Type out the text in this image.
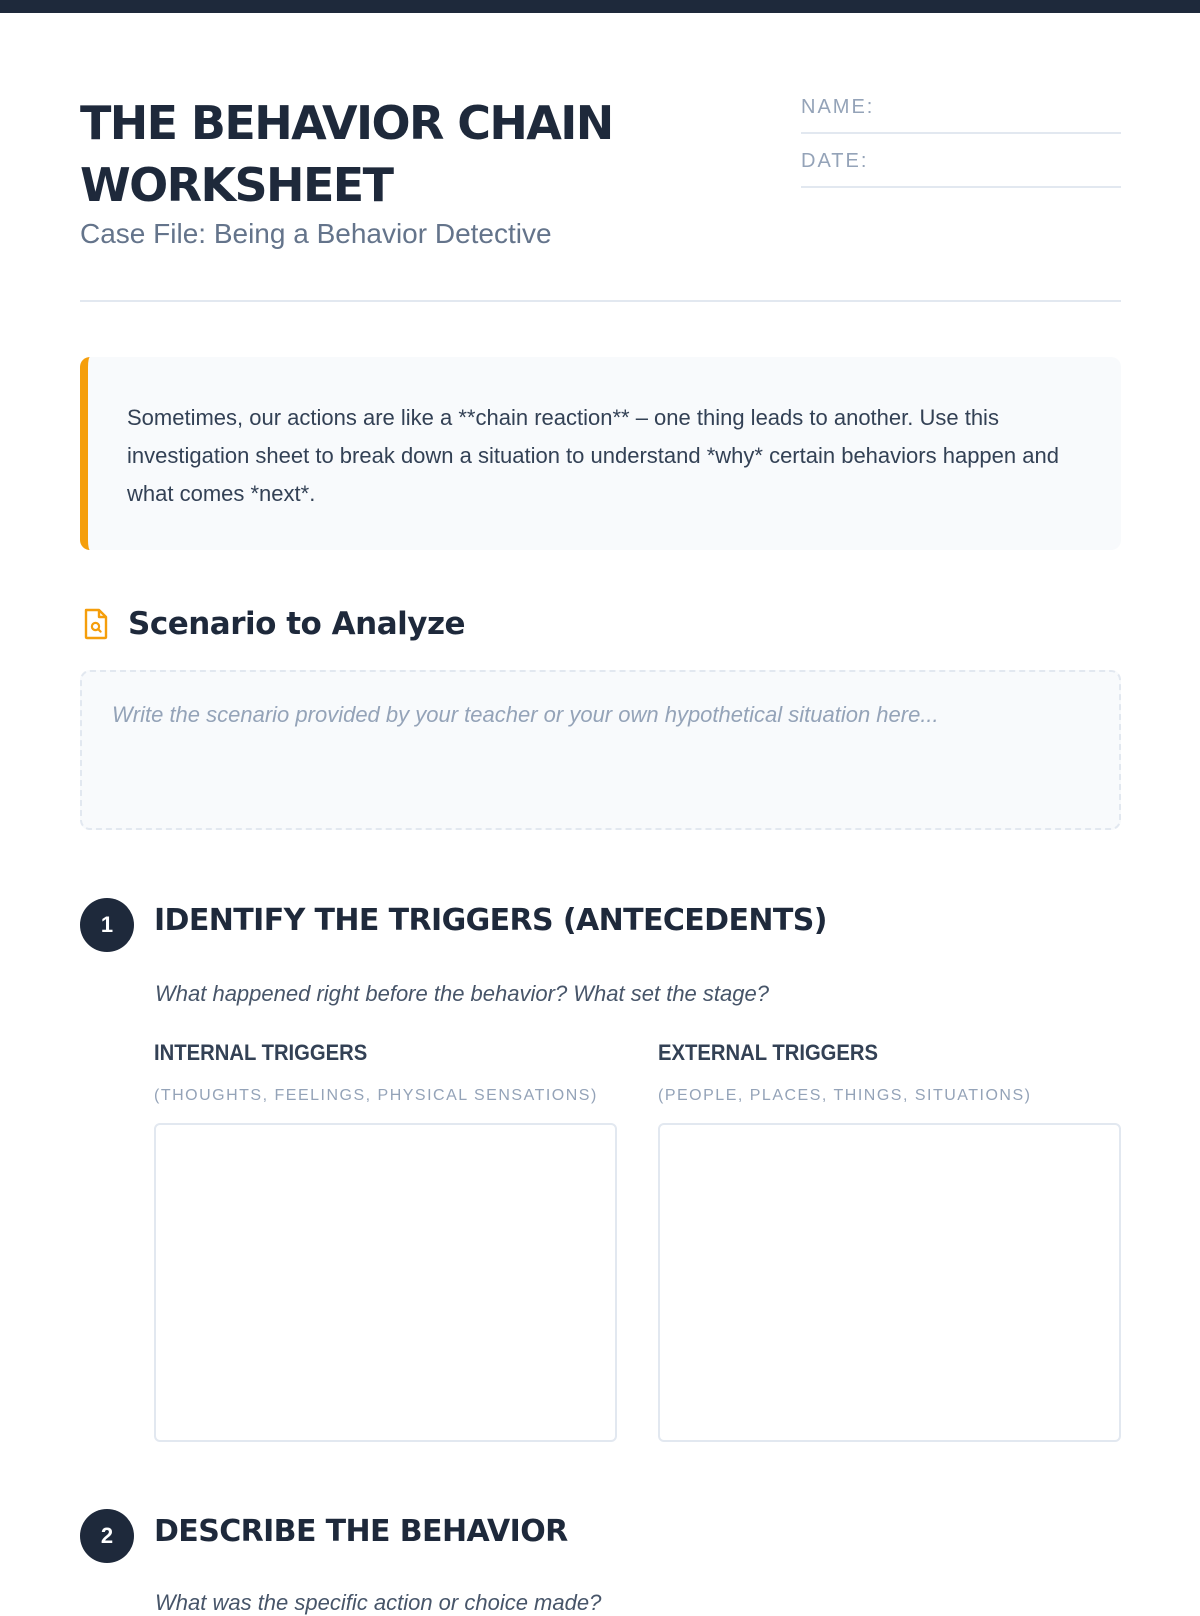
THE BEHAVIOR CHAIN WORKSHEET
Case File: Being a Behavior Detective
NAME:
DATE:

Sometimes, our actions are like a **chain reaction** – one thing leads to another. Use this investigation sheet to break down a situation to understand *why* certain behaviors happen and what comes *next*.

Scenario to Analyze
Write the scenario provided by your teacher or your own hypothetical situation here...
1	IDENTIFY THE TRIGGERS (ANTECEDENTS)
What happened right before the behavior? What set the stage?
INTERNAL TRIGGERS
(THOUGHTS, FEELINGS, PHYSICAL SENSATIONS)
EXTERNAL TRIGGERS
(PEOPLE, PLACES, THINGS, SITUATIONS)
2	DESCRIBE THE BEHAVIOR
What was the specific action or choice made?
